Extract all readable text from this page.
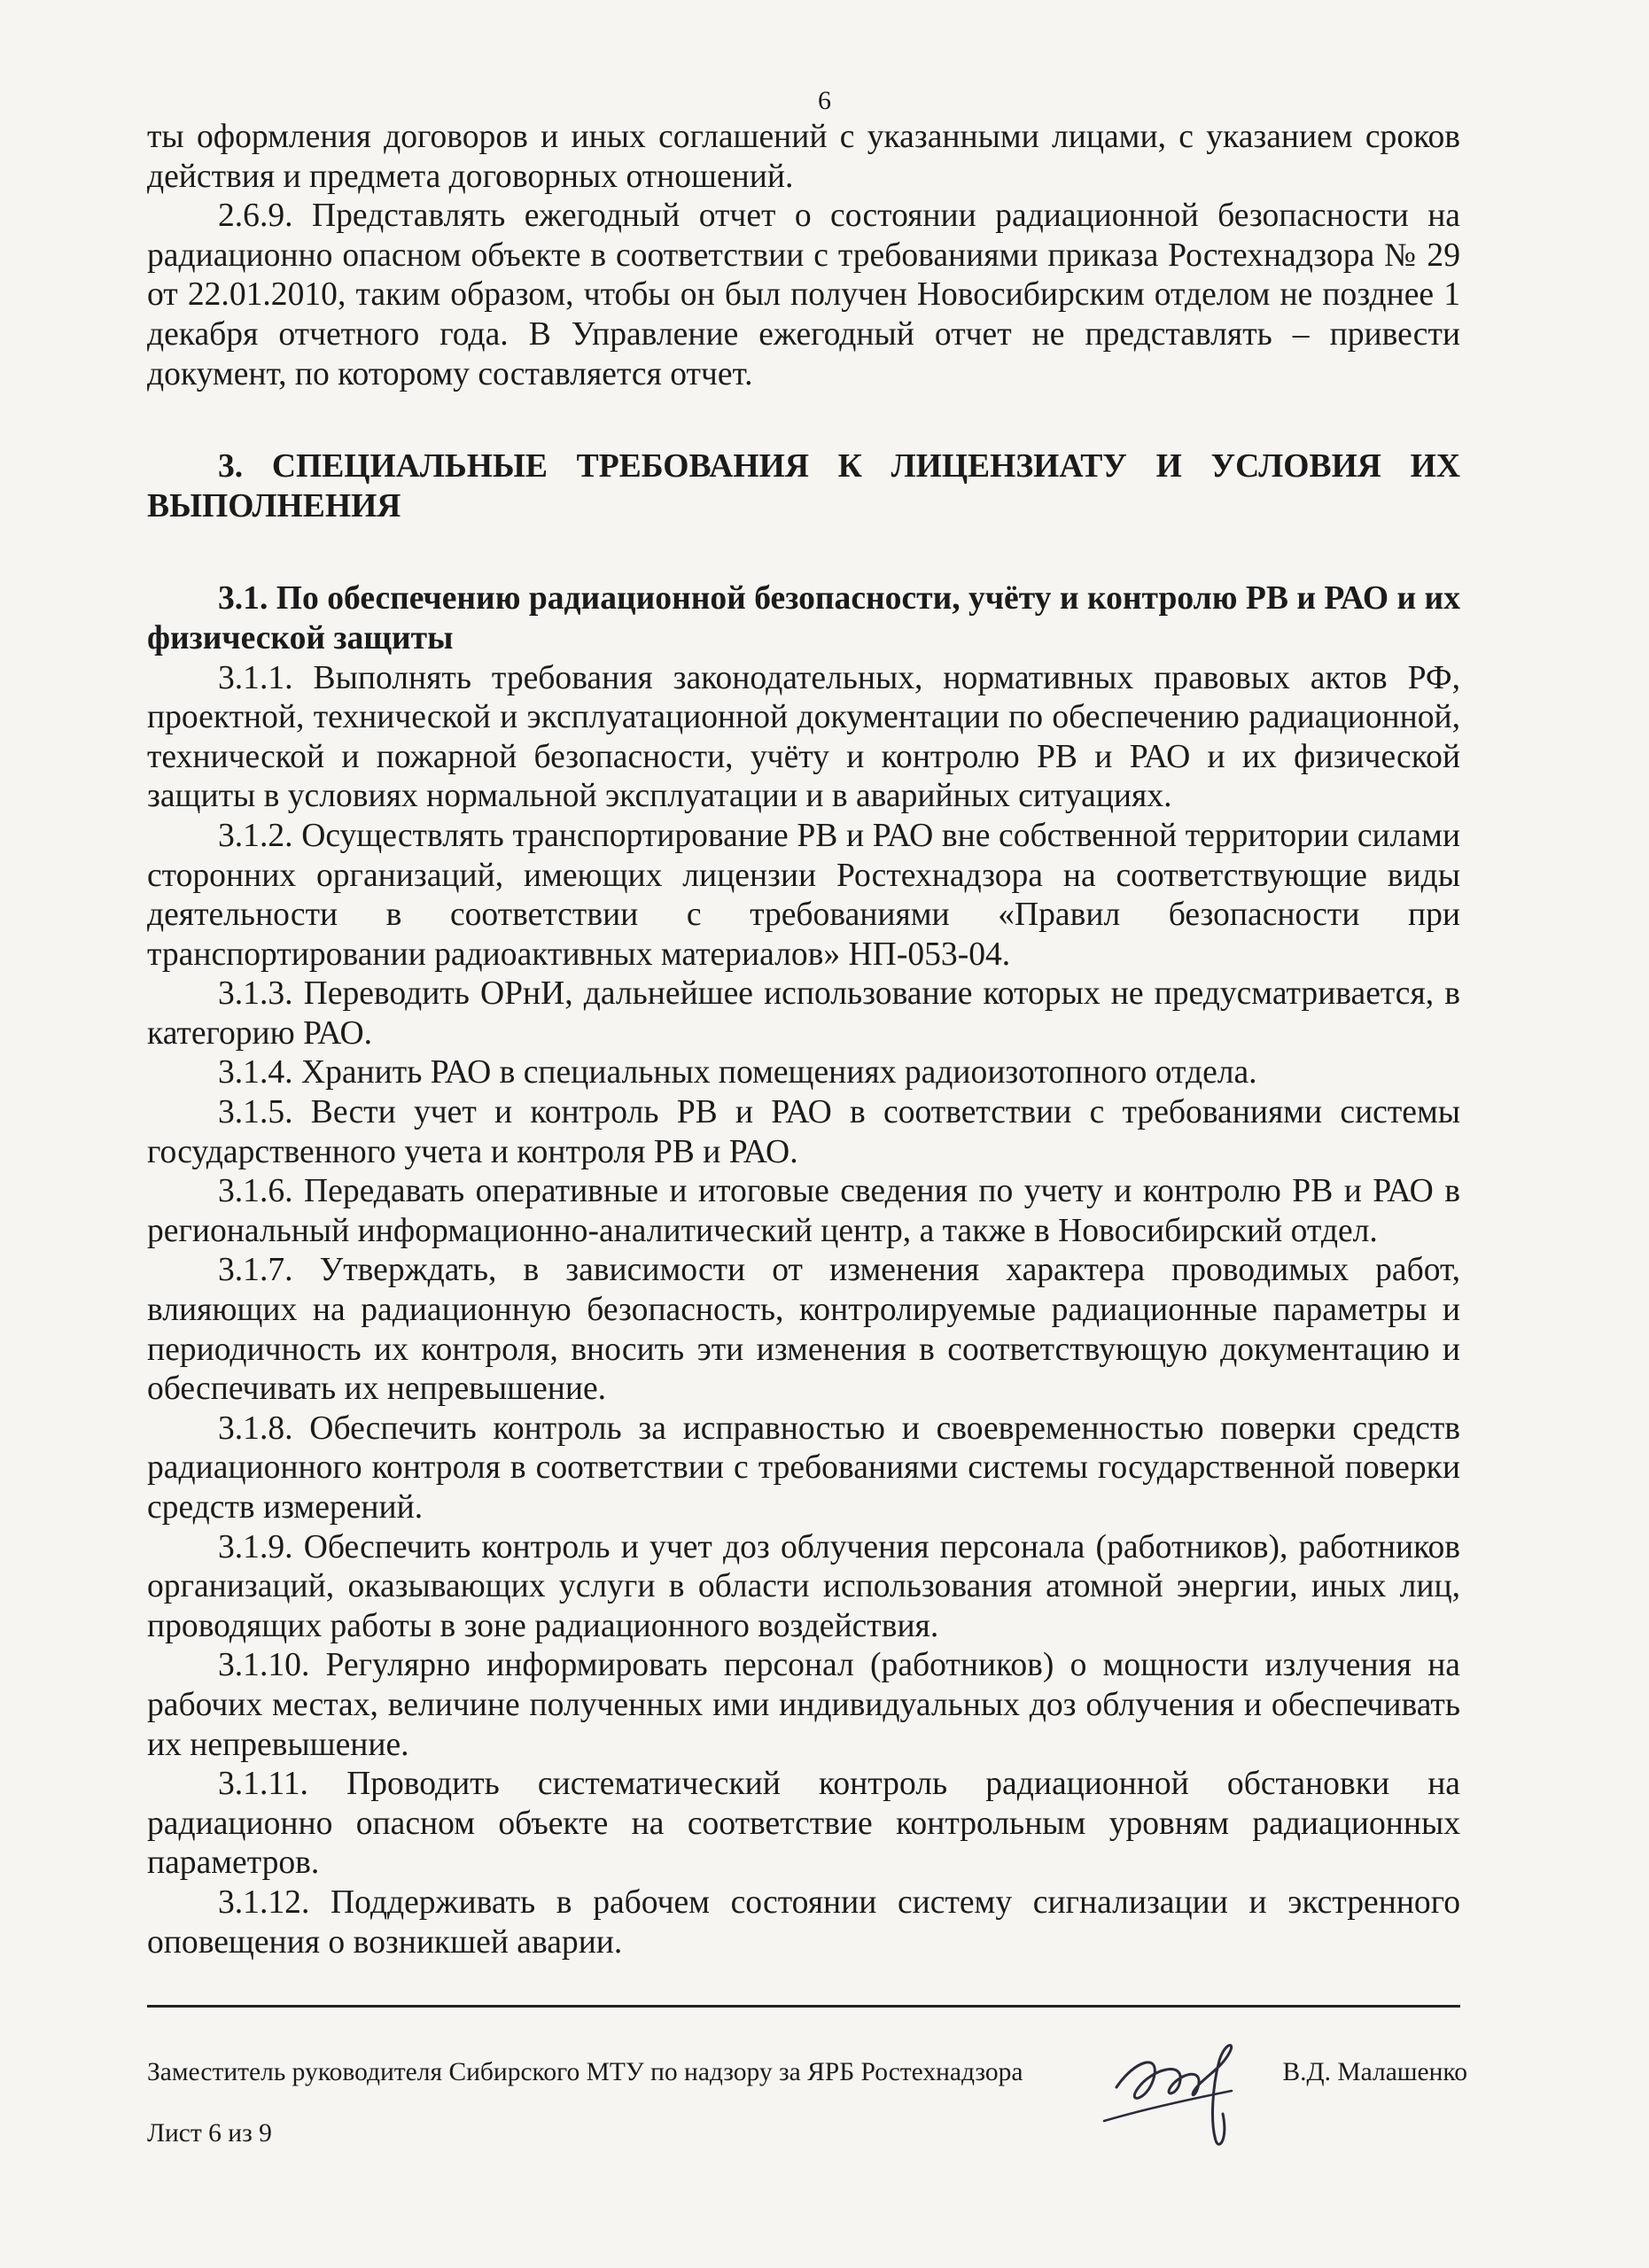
6

ты оформления договоров и иных соглашений с указанными лицами, с указанием сроков действия и предмета договорных отношений.

2.6.9. Представлять ежегодный отчет о состоянии радиационной безопасности на радиационно опасном объекте в соответствии с требованиями приказа Ростехнадзора № 29 от 22.01.2010, таким образом, чтобы он был получен Новосибирским отделом не позднее 1 декабря отчетного года. В Управление ежегодный отчет не представлять – привести документ, по которому составляется отчет.

3. СПЕЦИАЛЬНЫЕ ТРЕБОВАНИЯ К ЛИЦЕНЗИАТУ И УСЛОВИЯ ИХ ВЫПОЛНЕНИЯ

3.1. По обеспечению радиационной безопасности, учёту и контролю РВ и РАО и их физической защиты

3.1.1. Выполнять требования законодательных, нормативных правовых актов РФ, проектной, технической и эксплуатационной документации по обеспечению радиационной, технической и пожарной безопасности, учёту и контролю РВ и РАО и их физической защиты в условиях нормальной эксплуатации и в аварийных ситуациях.

3.1.2. Осуществлять транспортирование РВ и РАО вне собственной территории силами сторонних организаций, имеющих лицензии Ростехнадзора на соответствующие виды деятельности в соответствии с требованиями «Правил безопасности при транспортировании радиоактивных материалов» НП-053-04.

3.1.3. Переводить ОРнИ, дальнейшее использование которых не предусматривается, в категорию РАО.

3.1.4. Хранить РАО в специальных помещениях радиоизотопного отдела.

3.1.5. Вести учет и контроль РВ и РАО в соответствии с требованиями системы государственного учета и контроля РВ и РАО.

3.1.6. Передавать оперативные и итоговые сведения по учету и контролю РВ и РАО в региональный информационно-аналитический центр, а также в Новосибирский отдел.

3.1.7. Утверждать, в зависимости от изменения характера проводимых работ, влияющих на радиационную безопасность, контролируемые радиационные параметры и периодичность их контроля, вносить эти изменения в соответствующую документацию и обеспечивать их непревышение.

3.1.8. Обеспечить контроль за исправностью и своевременностью поверки средств радиационного контроля в соответствии с требованиями системы государственной поверки средств измерений.

3.1.9. Обеспечить контроль и учет доз облучения персонала (работников), работников организаций, оказывающих услуги в области использования атомной энергии, иных лиц, проводящих работы в зоне радиационного воздействия.

3.1.10. Регулярно информировать персонал (работников) о мощности излучения на рабочих местах, величине полученных ими индивидуальных доз облучения и обеспечивать их непревышение.

3.1.11. Проводить систематический контроль радиационной обстановки на радиационно опасном объекте на соответствие контрольным уровням радиационных параметров.

3.1.12. Поддерживать в рабочем состоянии систему сигнализации и экстренного оповещения о возникшей аварии.

Заместитель руководителя Сибирского МТУ по надзору за ЯРБ Ростехнадзора	В.Д. Малашенко
Лист 6 из 9
